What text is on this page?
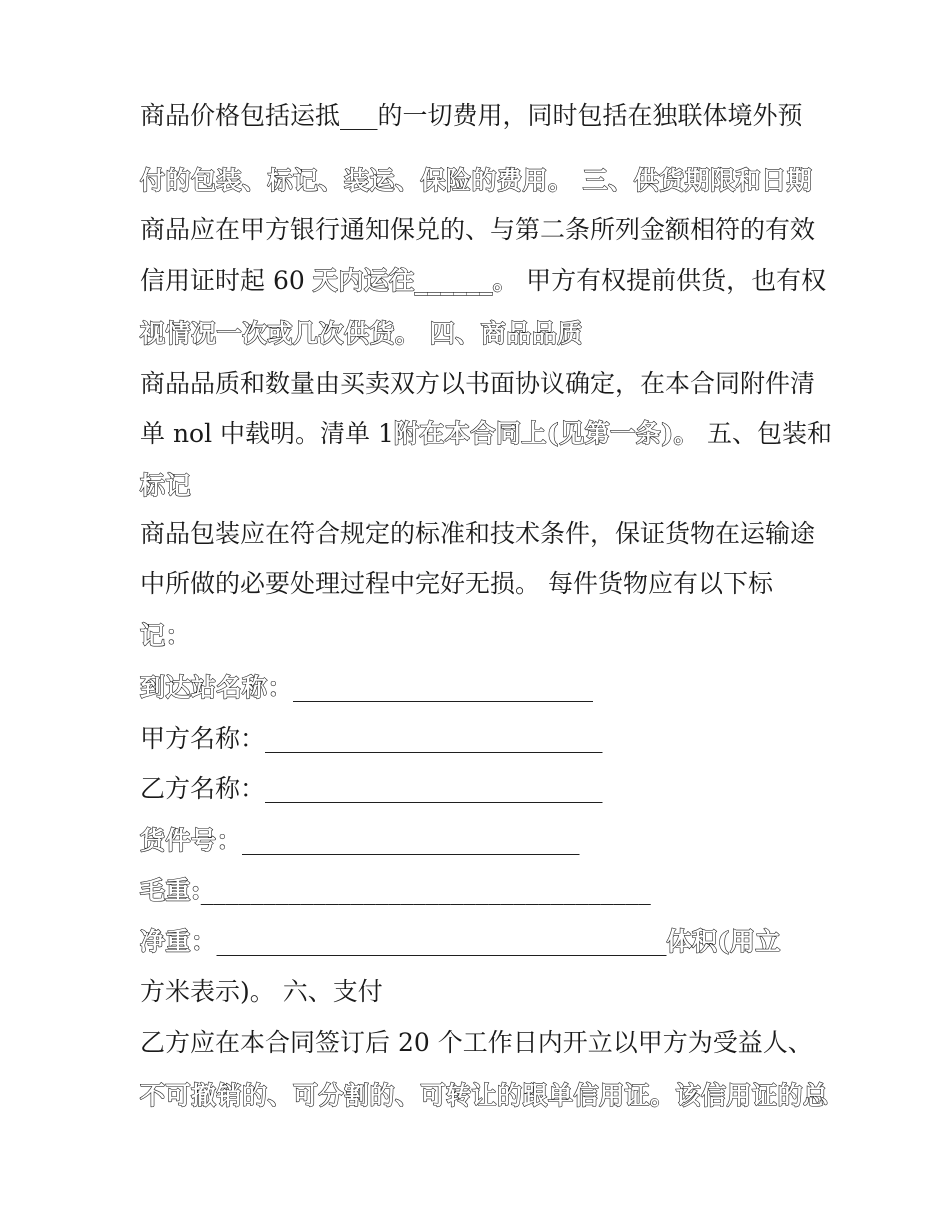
商品价格包括运抵___的一切费用，同时包括在独联体境外预

付的包装、标记、装运、保险的费用。 三、供货期限和日期

商品应在甲方银行通知保兑的、与第二条所列金额相符的有效

信用证时起 60 天内运往______。 甲方有权提前供货，也有权

视情况一次或几次供货。 四、商品品质

商品品质和数量由买卖双方以书面协议确定，在本合同附件清

单 nol 中载明。清单 1附在本合同上(见第一条)。 五、包装和

标记

商品包装应在符合规定的标准和技术条件，保证货物在运输途

中所做的必要处理过程中完好无损。 每件货物应有以下标

记：

到达站名称：________________________

甲方名称：___________________________

乙方名称：___________________________

货件号：___________________________

毛重:____________________________________

净重：____________________________________体积(用立

方米表示)。 六、支付

乙方应在本合同签订后 20 个工作日内开立以甲方为受益人、

不可撤销的、可分割的、可转让的跟单信用证。该信用证的总
